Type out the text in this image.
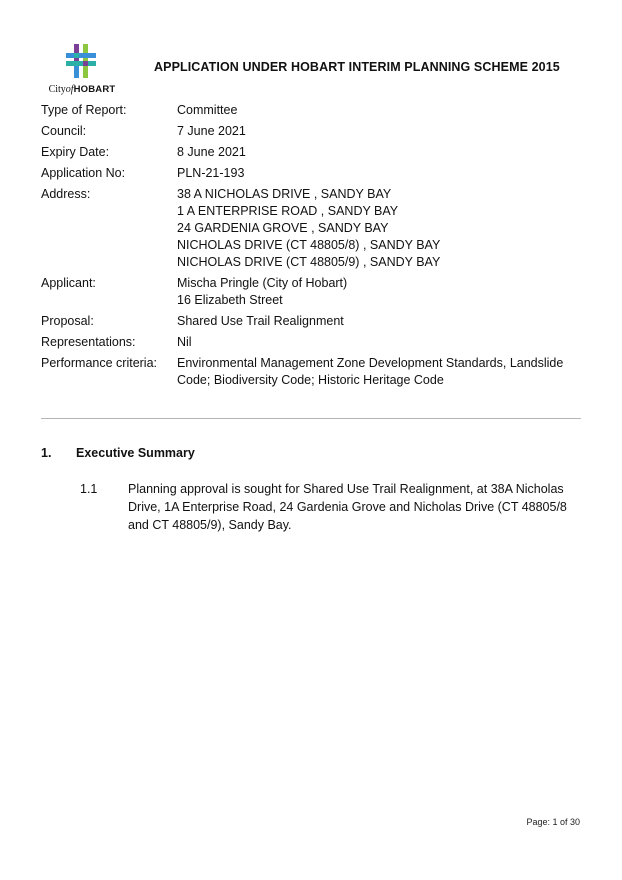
CityofHOBART
APPLICATION UNDER HOBART INTERIM PLANNING SCHEME 2015
Type of Report:	Committee
Council:	7 June 2021
Expiry Date:	8 June 2021
Application No:	PLN-21-193
Address:	38 A NICHOLAS DRIVE , SANDY BAY
1 A ENTERPRISE ROAD , SANDY BAY
24 GARDENIA GROVE , SANDY BAY
NICHOLAS DRIVE (CT 48805/8) , SANDY BAY
NICHOLAS DRIVE (CT 48805/9) , SANDY BAY
Applicant:	Mischa Pringle (City of Hobart)
16 Elizabeth Street
Proposal:	Shared Use Trail Realignment
Representations:	Nil
Performance criteria:	Environmental Management Zone Development Standards, Landslide Code; Biodiversity Code; Historic Heritage Code
1. Executive Summary
1.1	Planning approval is sought for Shared Use Trail Realignment, at 38A Nicholas Drive, 1A Enterprise Road, 24 Gardenia Grove and Nicholas Drive (CT 48805/8 and CT 48805/9), Sandy Bay.
Page: 1 of 30
